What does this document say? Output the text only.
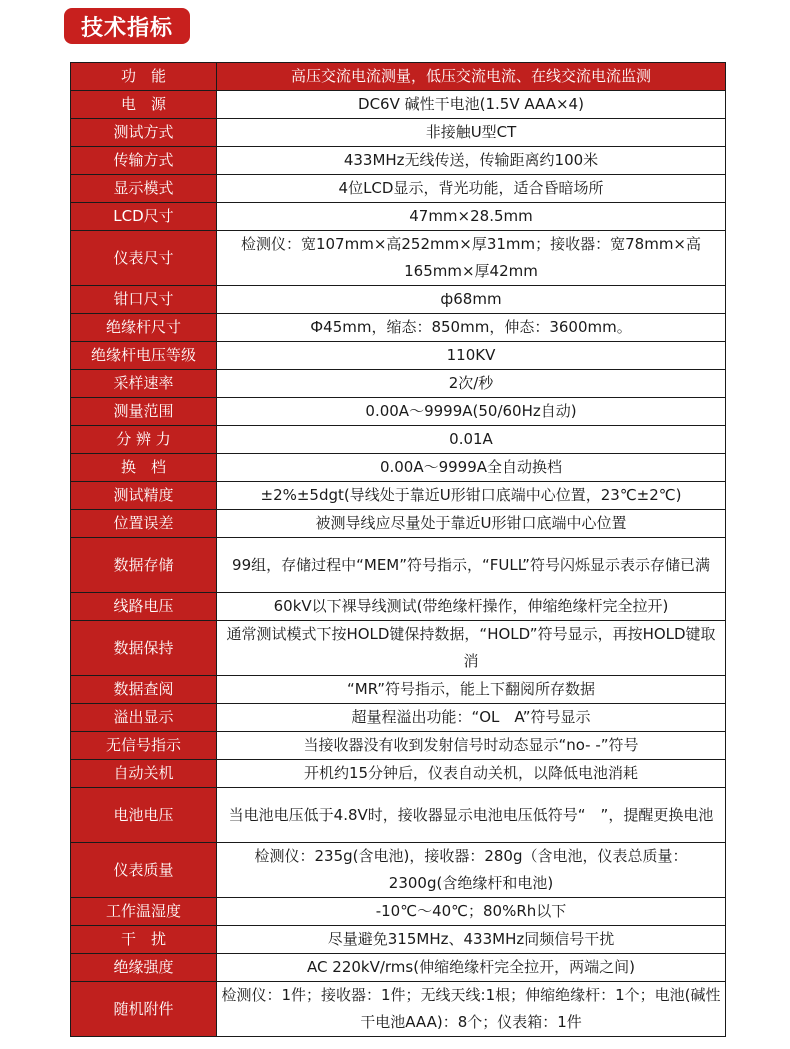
技术指标
功　能	高压交流电流测量，低压交流电流、在线交流电流监测
电　源	DC6V 碱性干电池(1.5V AAA×4)
测试方式	非接触U型CT
传输方式	433MHz无线传送，传输距离约100米
显示模式	4位LCD显示，背光功能，适合昏暗场所
LCD尺寸	47mm×28.5mm
仪表尺寸	检测仪：宽107mm×高252mm×厚31mm；接收器：宽78mm×高165mm×厚42mm
钳口尺寸	ф68mm
绝缘杆尺寸	Ф45mm，缩态：850mm，伸态：3600mm。
绝缘杆电压等级	110KV
采样速率	2次/秒
测量范围	0.00A～9999A(50/60Hz自动)
分 辨 力	0.01A
换　档	0.00A～9999A全自动换档
测试精度	±2%±5dgt(导线处于靠近U形钳口底端中心位置，23℃±2℃)
位置误差	被测导线应尽量处于靠近U形钳口底端中心位置
数据存储	99组，存储过程中“MEM”符号指示，“FULL”符号闪烁显示表示存储已满
线路电压	60kV以下裸导线测试(带绝缘杆操作，伸缩绝缘杆完全拉开)
数据保持	通常测试模式下按HOLD键保持数据，“HOLD”符号显示，再按HOLD键取消
数据查阅	“MR”符号指示，能上下翻阅所存数据
溢出显示	超量程溢出功能：“OL　A”符号显示
无信号指示	当接收器没有收到发射信号时动态显示“no- -”符号
自动关机	开机约15分钟后，仪表自动关机，以降低电池消耗
电池电压	当电池电压低于4.8V时，接收器显示电池电压低符号“　”，提醒更换电池
仪表质量	检测仪：235g(含电池)，接收器：280g（含电池，仪表总质量：2300g(含绝缘杆和电池)
工作温湿度	-10℃～40℃；80%Rh以下
干　扰	尽量避免315MHz、433MHz同频信号干扰
绝缘强度	AC 220kV/rms(伸缩绝缘杆完全拉开，两端之间)
随机附件	检测仪：1件；接收器：1件；无线天线:1根；伸缩绝缘杆：1个；电池(碱性干电池AAA)：8个；仪表箱：1件
